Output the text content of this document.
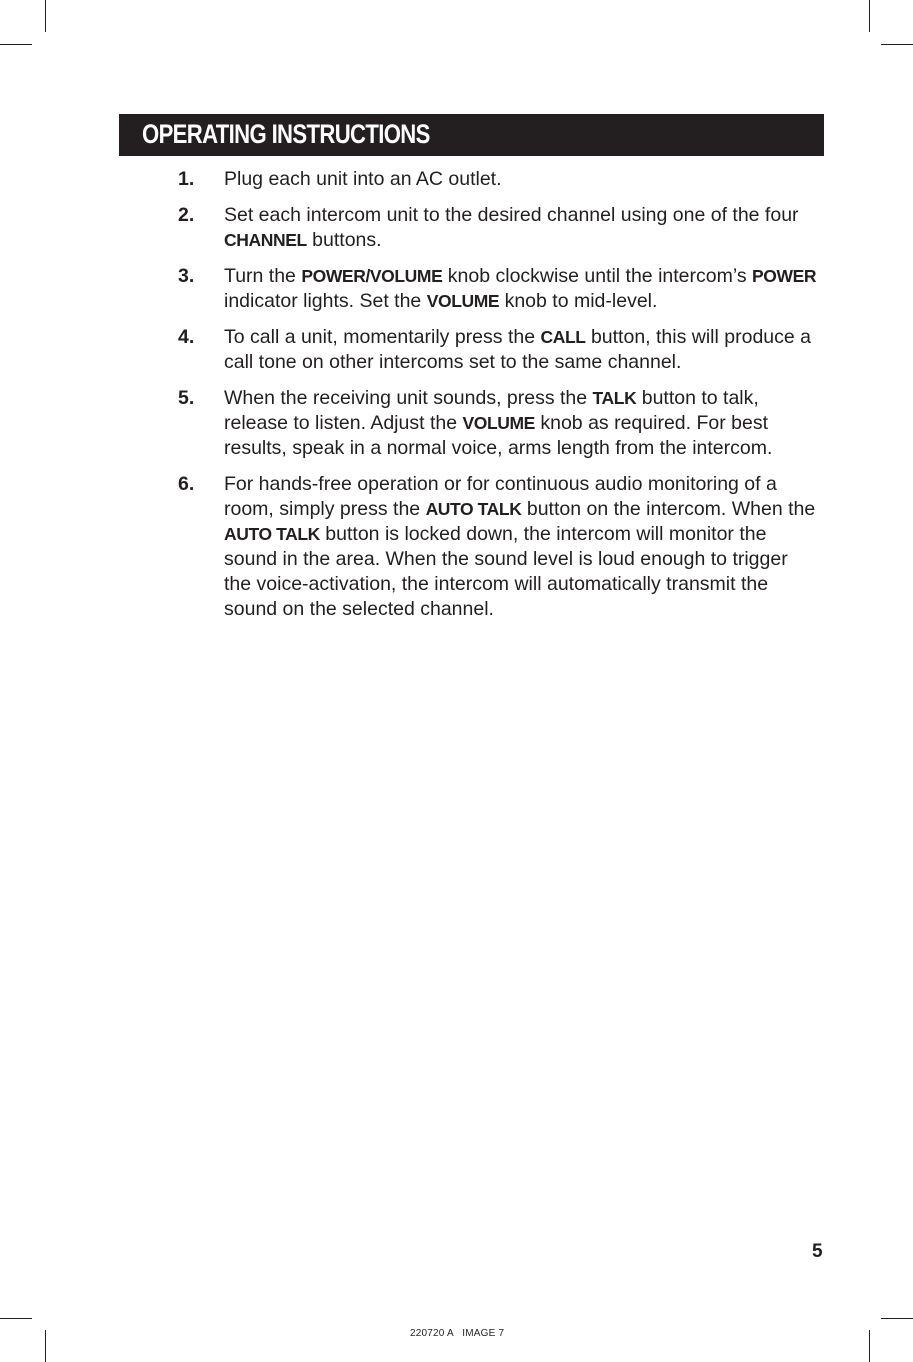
OPERATING INSTRUCTIONS
1. Plug each unit into an AC outlet.
2. Set each intercom unit to the desired channel using one of the four CHANNEL buttons.
3. Turn the POWER/VOLUME knob clockwise until the intercom’s POWER indicator lights. Set the VOLUME knob to mid-level.
4. To call a unit, momentarily press the CALL button, this will produce a call tone on other intercoms set to the same channel.
5. When the receiving unit sounds, press the TALK button to talk, release to listen. Adjust the VOLUME knob as required. For best results, speak in a normal voice, arms length from the intercom.
6. For hands-free operation or for continuous audio monitoring of a room, simply press the AUTO TALK button on the intercom. When the AUTO TALK button is locked down, the intercom will monitor the sound in the area. When the sound level is loud enough to trigger the voice-activation, the intercom will automatically transmit the sound on the selected channel.
5
220720 A   IMAGE 7
